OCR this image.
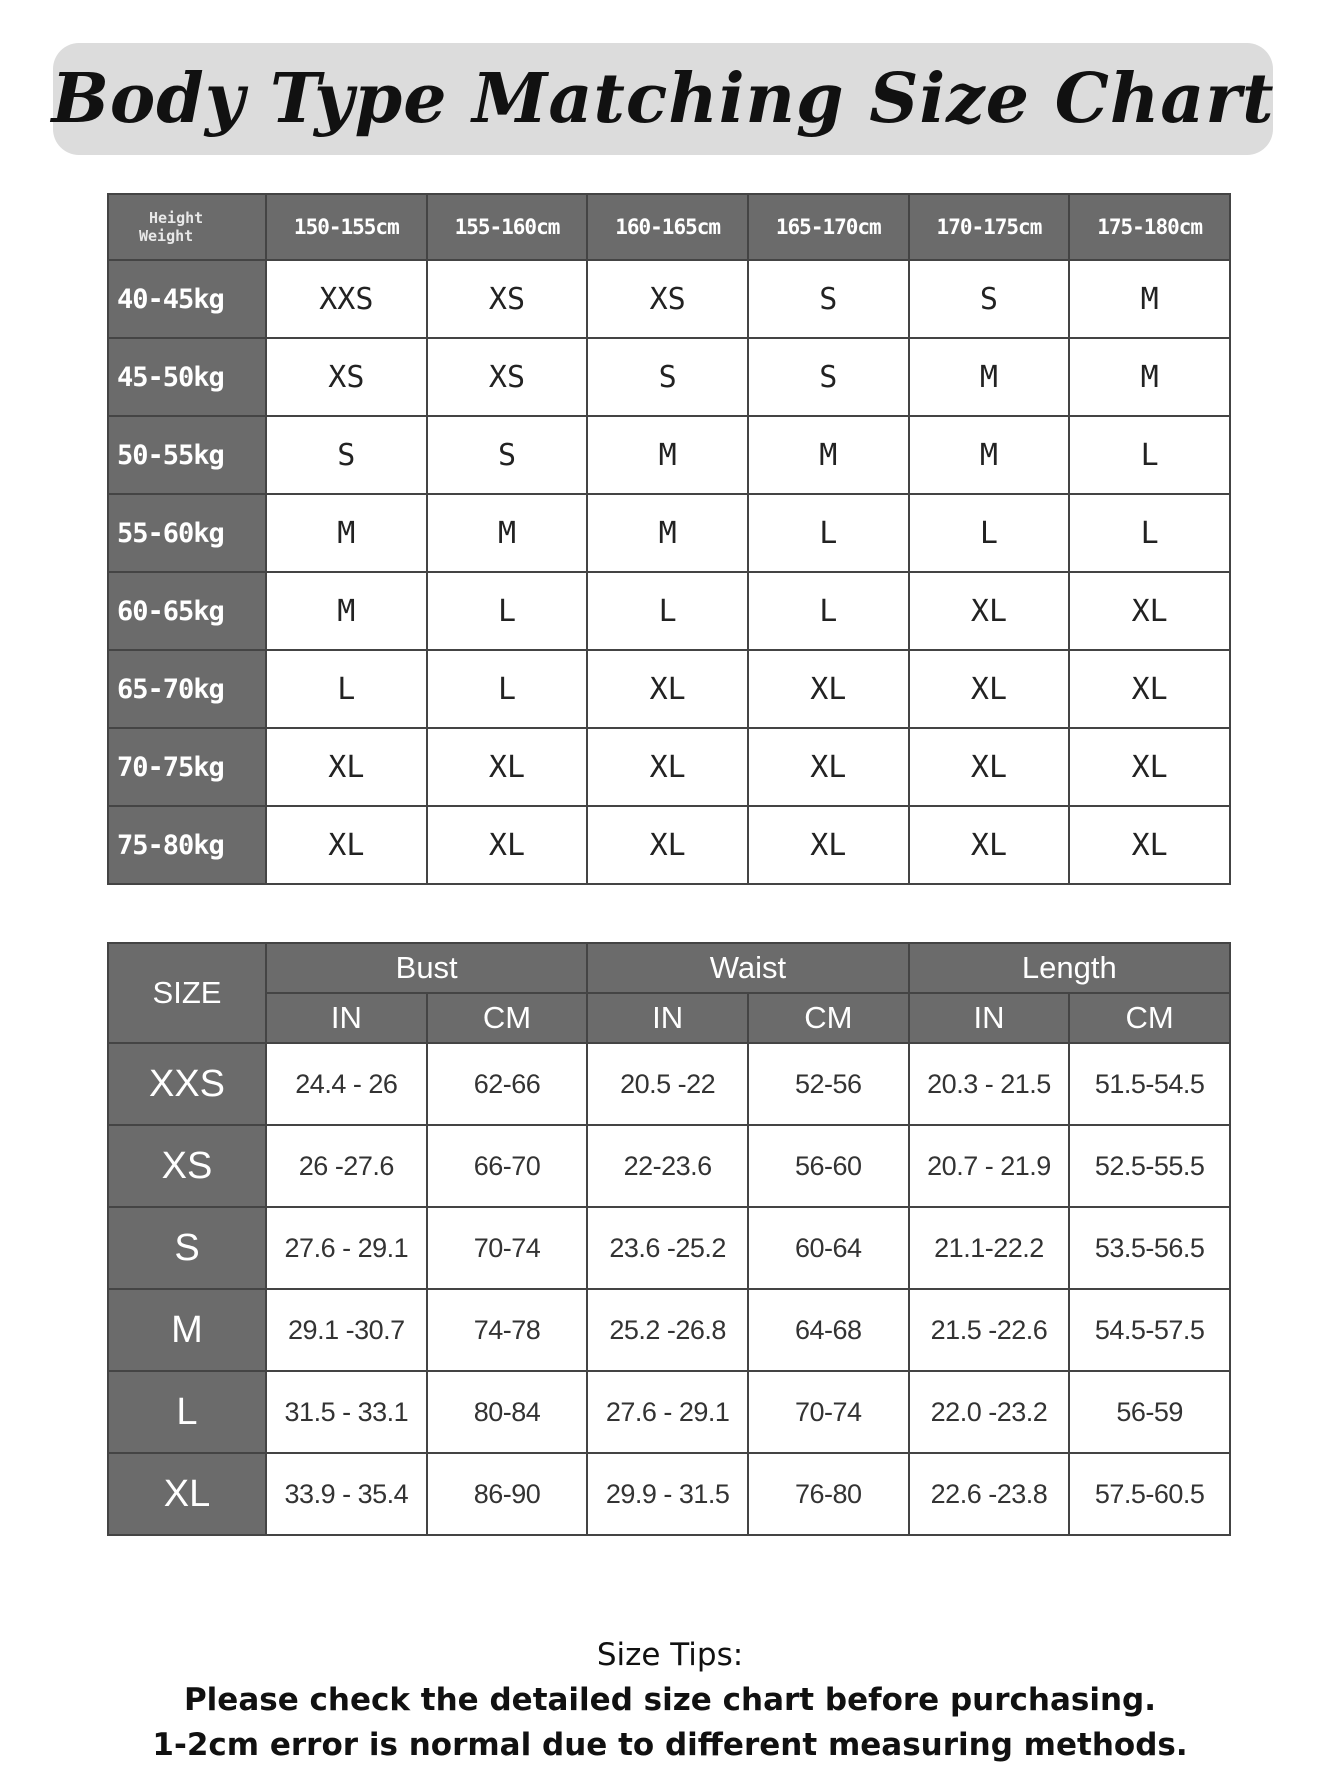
Body Type Matching Size Chart
Height
Weight	150-155cm	155-160cm	160-165cm	165-170cm	170-175cm	175-180cm
40-45kg	XXS	XS	XS	S	S	M
45-50kg	XS	XS	S	S	M	M
50-55kg	S	S	M	M	M	L
55-60kg	M	M	M	L	L	L
60-65kg	M	L	L	L	XL	XL
65-70kg	L	L	XL	XL	XL	XL
70-75kg	XL	XL	XL	XL	XL	XL
75-80kg	XL	XL	XL	XL	XL	XL
SIZE	Bust		Waist		Length	
	IN	CM	IN	CM	IN	CM
XXS	24.4 - 26	62-66	20.5 -22	52-56	20.3 - 21.5	51.5-54.5
XS	26 -27.6	66-70	22-23.6	56-60	20.7 - 21.9	52.5-55.5
S	27.6 - 29.1	70-74	23.6 -25.2	60-64	21.1-22.2	53.5-56.5
M	29.1 -30.7	74-78	25.2 -26.8	64-68	21.5 -22.6	54.5-57.5
L	31.5 - 33.1	80-84	27.6 - 29.1	70-74	22.0 -23.2	56-59
XL	33.9 - 35.4	86-90	29.9 - 31.5	76-80	22.6 -23.8	57.5-60.5
Size Tips:
Please check the detailed size chart before purchasing.
1-2cm error is normal due to different measuring methods.
